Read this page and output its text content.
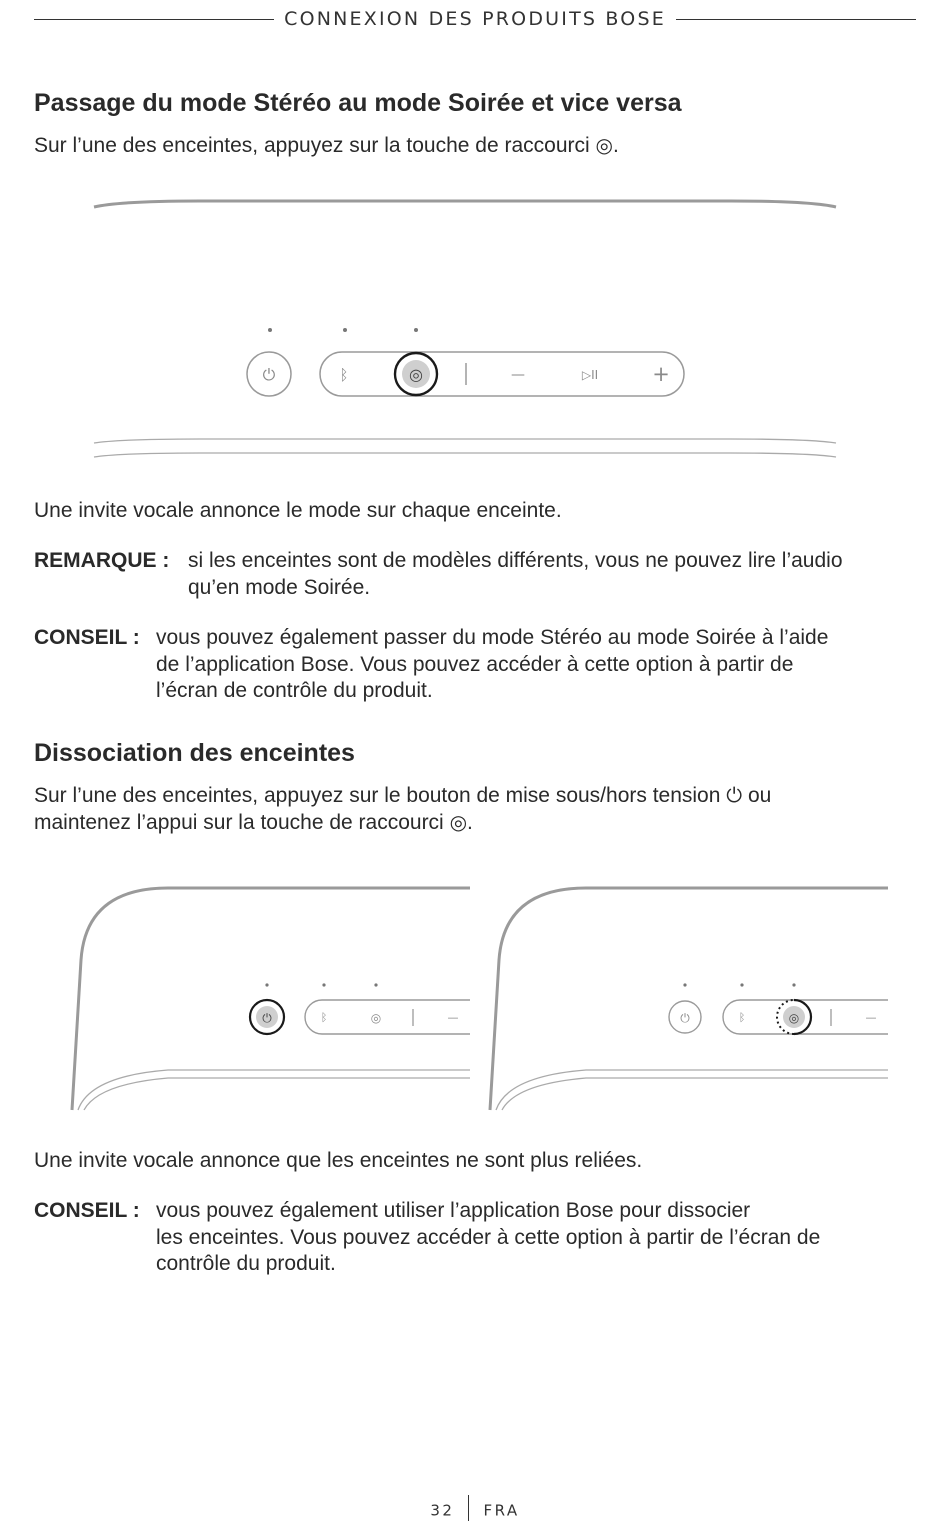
CONNEXION DES PRODUITS BOSE
Passage du mode Stéréo au mode Soirée et vice versa

Sur l’une des enceintes, appuyez sur la touche de raccourci ◎.

⏻	ᛒ	◎	—	▷II	+

Une invite vocale annonce le mode sur chaque enceinte.

REMARQUE : si les enceintes sont de modèles différents, vous ne pouvez lire l’audio
qu’en mode Soirée.
CONSEIL : vous pouvez également passer du mode Stéréo au mode Soirée à l’aide
de l’application Bose. Vous pouvez accéder à cette option à partir de
l’écran de contrôle du produit.
Dissociation des enceintes
Sur l’une des enceintes, appuyez sur le bouton de mise sous/hors tension ⏻ ou
maintenez l’appui sur la touche de raccourci ◎.
⏻	ᛒ	◎	—	⏻	ᛒ	◎	—

Une invite vocale annonce que les enceintes ne sont plus reliées.

CONSEIL : vous pouvez également utiliser l’application Bose pour dissocier
les enceintes. Vous pouvez accéder à cette option à partir de l’écran de
contrôle du produit.
32 FRA
